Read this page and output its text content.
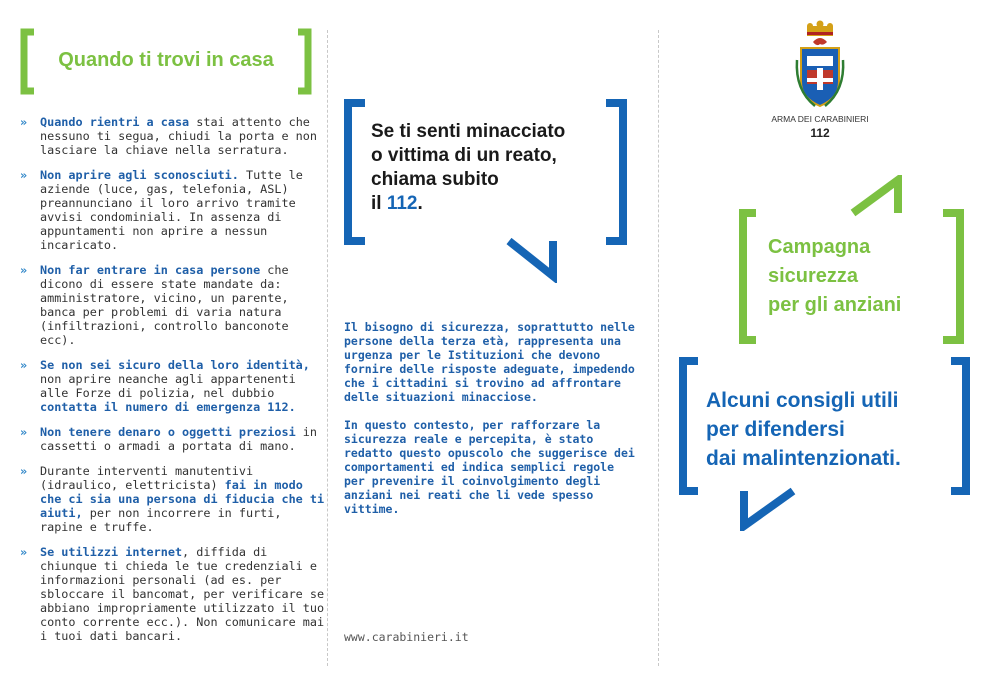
Quando ti trovi in casa
» Quando rientri a casa stai attento che nessuno ti segua, chiudi la porta e non lasciare la chiave nella serratura.
» Non aprire agli sconosciuti. Tutte le aziende (luce, gas, telefonia, ASL) preannunciano il loro arrivo tramite avvisi condominiali. In assenza di appuntamenti non aprire a nessun incaricato.
» Non far entrare in casa persone che dicono di essere state mandate da: amministratore, vicino, un parente, banca per problemi di varia natura (infiltrazioni, controllo banconote ecc).
» Se non sei sicuro della loro identità, non aprire neanche agli appartenenti alle Forze di polizia, nel dubbio contatta il numero di emergenza 112.
» Non tenere denaro o oggetti preziosi in cassetti o armadi a portata di mano.
» Durante interventi manutentivi (idraulico, elettricista) fai in modo che ci sia una persona di fiducia che ti aiuti, per non incorrere in furti, rapine e truffe.
» Se utilizzi internet, diffida di chiunque ti chieda le tue credenziali e informazioni personali (ad es. per sbloccare il bancomat, per verificare se abbiano impropriamente utilizzato il tuo conto corrente ecc.). Non comunicare mai i tuoi dati bancari.
Se ti senti minacciato
o vittima di un reato,
chiama subito
il 112.
Il bisogno di sicurezza, soprattutto nelle persone della terza età, rappresenta una urgenza per le Istituzioni che devono fornire delle risposte adeguate, impedendo che i cittadini si trovino ad affrontare delle situazioni minacciose.
In questo contesto, per rafforzare la sicurezza reale e percepita, è stato redatto questo opuscolo che suggerisce dei comportamenti ed indica semplici regole per prevenire il coinvolgimento degli anziani nei reati che li vede spesso vittime.
www.carabinieri.it
ARMA DEI CARABINIERI
112
Campagna
sicurezza
per gli anziani
Alcuni consigli utili
per difendersi
dai malintenzionati.
